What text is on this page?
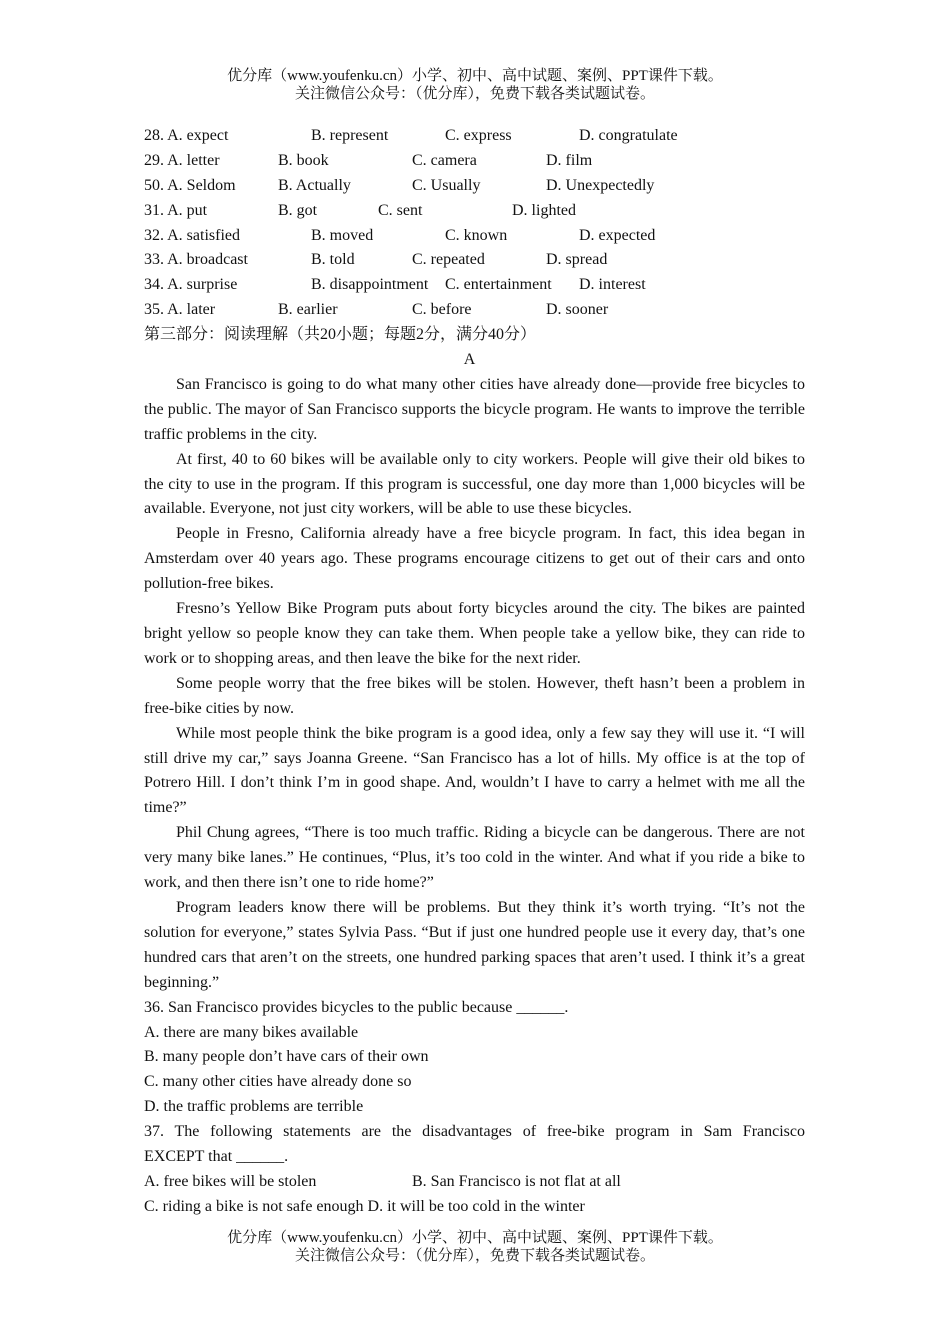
优分库（www.youfenku.cn）小学、初中、高中试题、案例、PPT课件下载。
关注微信公众号：（优分库），免费下载各类试题试卷。
28. A. expect	B. represent	C. express	D. congratulate
29. A. letter	B. book	C. camera	D. film
50. A. Seldom	B. Actually	C. Usually	D. Unexpectedly
31. A. put	B. got	C. sent	D. lighted
32. A. satisfied	B. moved	C. known	D. expected
33. A. broadcast	B. told	C. repeated	D. spread
34. A. surprise	B. disappointment C. entertainment D. interest
35. A. later	B. earlier	C. before	D. sooner
第三部分：阅读理解（共20小题；每题2分，满分40分）
A

San Francisco is going to do what many other cities have already done—provide free bicycles to the public. The mayor of San Francisco supports the bicycle program. He wants to improve the terrible traffic problems in the city.

At first, 40 to 60 bikes will be available only to city workers. People will give their old bikes to the city to use in the program. If this program is successful, one day more than 1,000 bicycles will be available. Everyone, not just city workers, will be able to use these bicycles.

People in Fresno, California already have a free bicycle program. In fact, this idea began in Amsterdam over 40 years ago. These programs encourage citizens to get out of their cars and onto pollution-free bikes.

Fresno’s Yellow Bike Program puts about forty bicycles around the city. The bikes are painted bright yellow so people know they can take them. When people take a yellow bike, they can ride to work or to shopping areas, and then leave the bike for the next rider.

Some people worry that the free bikes will be stolen. However, theft hasn’t been a problem in free-bike cities by now.

While most people think the bike program is a good idea, only a few say they will use it. “I will still drive my car,” says Joanna Greene. “San Francisco has a lot of hills. My office is at the top of Potrero Hill. I don’t think I’m in good shape. And, wouldn’t I have to carry a helmet with me all the time?”

Phil Chung agrees, “There is too much traffic. Riding a bicycle can be dangerous. There are not very many bike lanes.” He continues, “Plus, it’s too cold in the winter. And what if you ride a bike to work, and then there isn’t one to ride home?”

Program leaders know there will be problems. But they think it’s worth trying. “It’s not the solution for everyone,” states Sylvia Pass. “But if just one hundred people use it every day, that’s one hundred cars that aren’t on the streets, one hundred parking spaces that aren’t used. I think it’s a great beginning.”

36. San Francisco provides bicycles to the public because ______.

A. there are many bikes available

B. many people don’t have cars of their own

C. many other cities have already done so

D. the traffic problems are terrible

37. The following statements are the disadvantages of free-bike program in Sam Francisco

EXCEPT that ______.

A. free bikes will be stolen	B. San Francisco is not flat at all

C. riding a bike is not safe enough D. it will be too cold in the winter

优分库（www.youfenku.cn）小学、初中、高中试题、案例、PPT课件下载。
关注微信公众号：（优分库），免费下载各类试题试卷。
